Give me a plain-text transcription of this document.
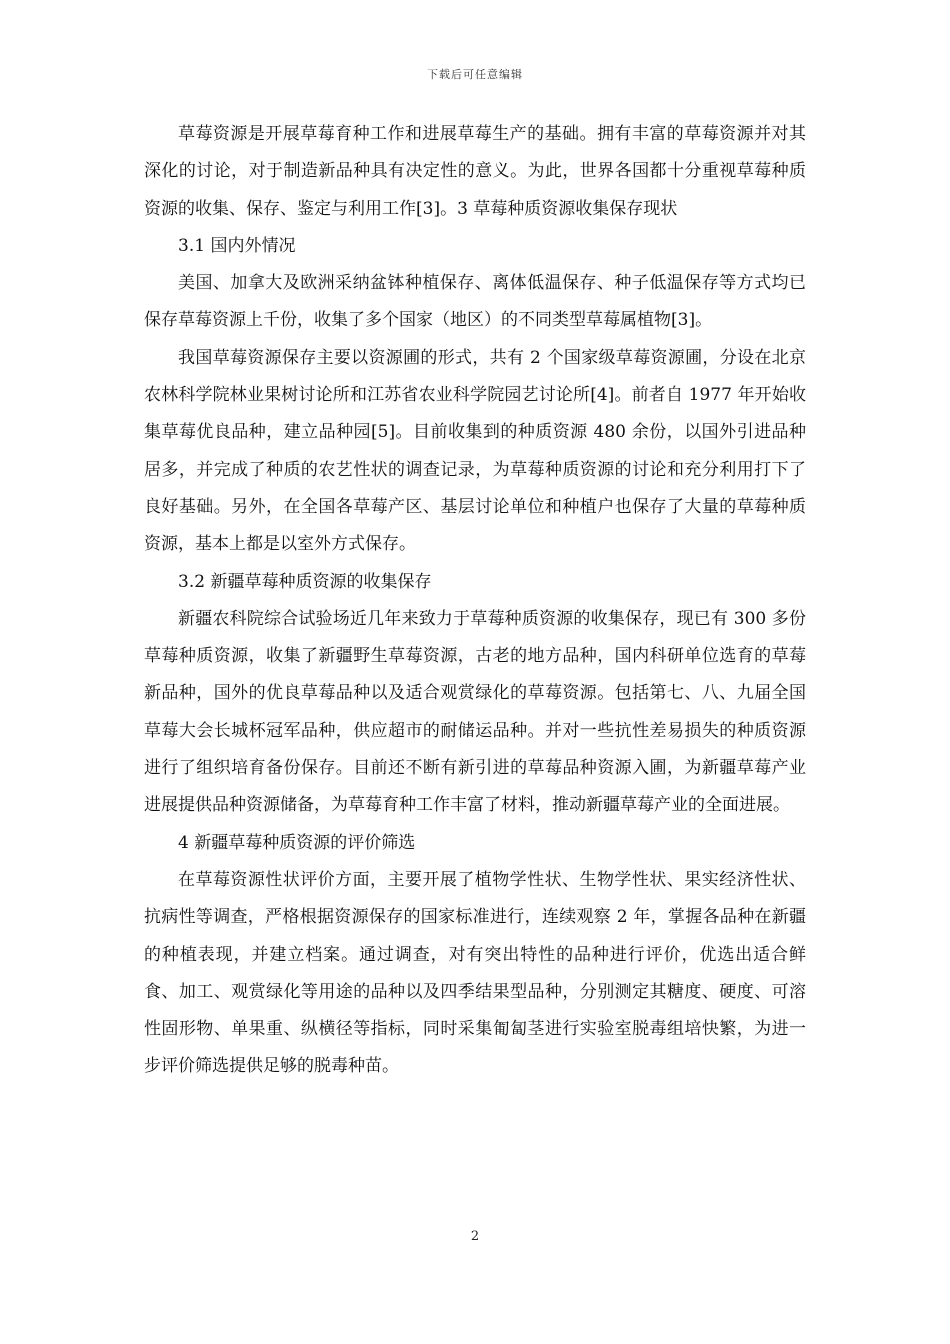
下载后可任意编辑

草莓资源是开展草莓育种工作和进展草莓生产的基础。拥有丰富的草莓资源并对其深化的讨论，对于制造新品种具有决定性的意义。为此，世界各国都十分重视草莓种质资源的收集、保存、鉴定与利用工作[3]。3 草莓种质资源收集保存现状

3.1 国内外情况

美国、加拿大及欧洲采纳盆钵种植保存、离体低温保存、种子低温保存等方式均已保存草莓资源上千份，收集了多个国家（地区）的不同类型草莓属植物[3]。

我国草莓资源保存主要以资源圃的形式，共有 2 个国家级草莓资源圃，分设在北京农林科学院林业果树讨论所和江苏省农业科学院园艺讨论所[4]。前者自 1977 年开始收集草莓优良品种，建立品种园[5]。目前收集到的种质资源 480 余份，以国外引进品种居多，并完成了种质的农艺性状的调查记录，为草莓种质资源的讨论和充分利用打下了良好基础。另外，在全国各草莓产区、基层讨论单位和种植户也保存了大量的草莓种质资源，基本上都是以室外方式保存。

3.2 新疆草莓种质资源的收集保存

新疆农科院综合试验场近几年来致力于草莓种质资源的收集保存，现已有 300 多份草莓种质资源，收集了新疆野生草莓资源，古老的地方品种，国内科研单位选育的草莓新品种，国外的优良草莓品种以及适合观赏绿化的草莓资源。包括第七、八、九届全国草莓大会长城杯冠军品种，供应超市的耐储运品种。并对一些抗性差易损失的种质资源进行了组织培育备份保存。目前还不断有新引进的草莓品种资源入圃，为新疆草莓产业进展提供品种资源储备，为草莓育种工作丰富了材料，推动新疆草莓产业的全面进展。

4 新疆草莓种质资源的评价筛选

在草莓资源性状评价方面，主要开展了植物学性状、生物学性状、果实经济性状、抗病性等调查，严格根据资源保存的国家标准进行，连续观察 2 年，掌握各品种在新疆的种植表现，并建立档案。通过调查，对有突出特性的品种进行评价，优选出适合鲜食、加工、观赏绿化等用途的品种以及四季结果型品种，分别测定其糖度、硬度、可溶性固形物、单果重、纵横径等指标，同时采集匍匐茎进行实验室脱毒组培快繁，为进一步评价筛选提供足够的脱毒种苗。

2
